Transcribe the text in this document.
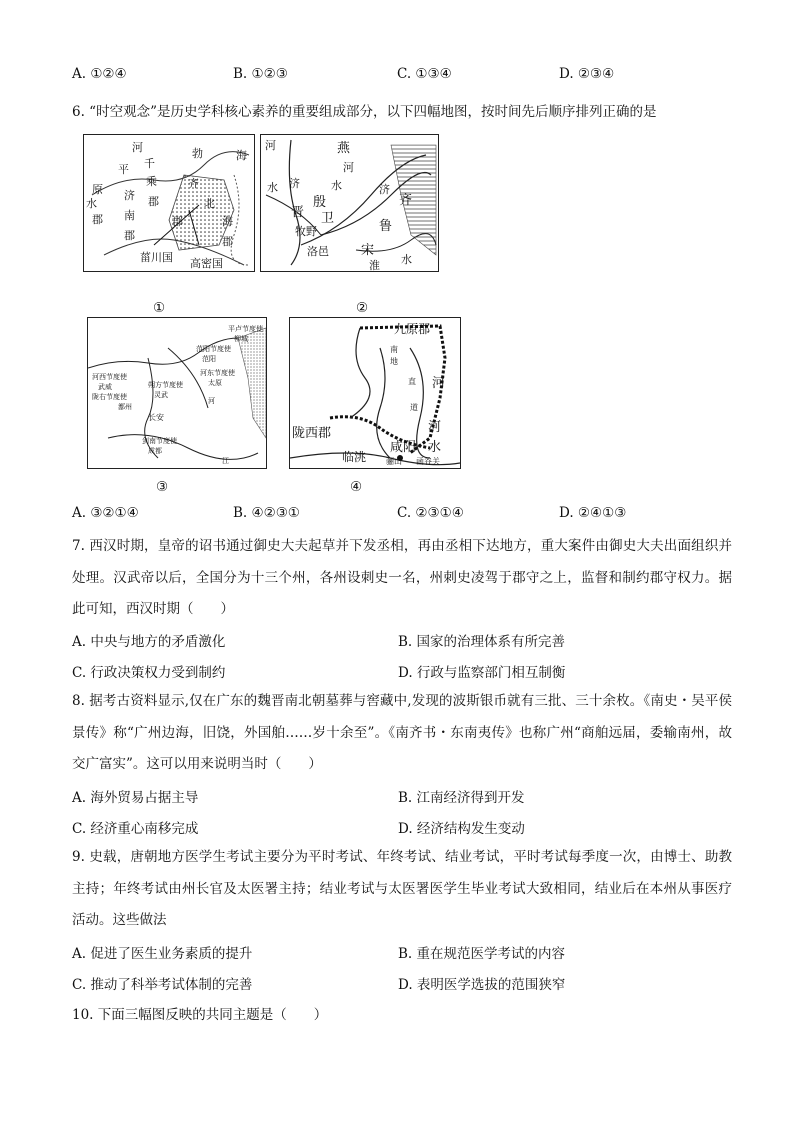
A. ①②④	B. ①②③	C. ①③④	D. ②③④
6. “时空观念”是历史学科核心素养的重要组成部分，以下四幅地图，按时间先后顺序排列正确的是
河
平 千
乘
勃	海
原 济
齐
水	郡
南
郡
北
郡
郡
海
郡
菑川国 高密国
河	燕
河
水	济
齐
殷
济
水
晋 卫
牧野	鲁
洛邑 宋
淮 水
①	②
平卢节度使
柳城
范阳节度使
范阳
河东节度使
太原
河西节度使
武威
陇右节度使
鄯州
朔方节度使
灵武
长安
剑南节度使
成都
江
河
九原郡
河
南
地
直
道
河
水
陇西郡
临洮
咸阳
骊山 函谷关
③	④
A. ③②①④	B. ④②③①	C. ②③①④	D. ②④①③
7. 西汉时期，皇帝的诏书通过御史大夫起草并下发丞相，再由丞相下达地方，重大案件由御史大夫出面组织并处理。汉武帝以后，全国分为十三个州，各州设刺史一名，州刺史凌驾于郡守之上，监督和制约郡守权力。据此可知，西汉时期（　　）
A. 中央与地方的矛盾激化	B. 国家的治理体系有所完善
C. 行政决策权力受到制约	D. 行政与监察部门相互制衡
8. 据考古资料显示,仅在广东的魏晋南北朝墓葬与窖藏中,发现的波斯银币就有三批、三十余枚。《南史・吴平侯景传》称“广州边海，旧饶，外国舶……岁十余至”。《南齐书・东南夷传》也称广州“商舶远届，委输南州，故交广富实”。这可以用来说明当时（　　）
A. 海外贸易占据主导	B. 江南经济得到开发
C. 经济重心南移完成	D. 经济结构发生变动
9. 史载，唐朝地方医学生考试主要分为平时考试、年终考试、结业考试，平时考试每季度一次，由博士、助教主持；年终考试由州长官及太医署主持；结业考试与太医署医学生毕业考试大致相同，结业后在本州从事医疗活动。这些做法
A. 促进了医生业务素质的提升	B. 重在规范医学考试的内容
C. 推动了科举考试体制的完善	D. 表明医学选拔的范围狭窄
10. 下面三幅图反映的共同主题是（　　）
